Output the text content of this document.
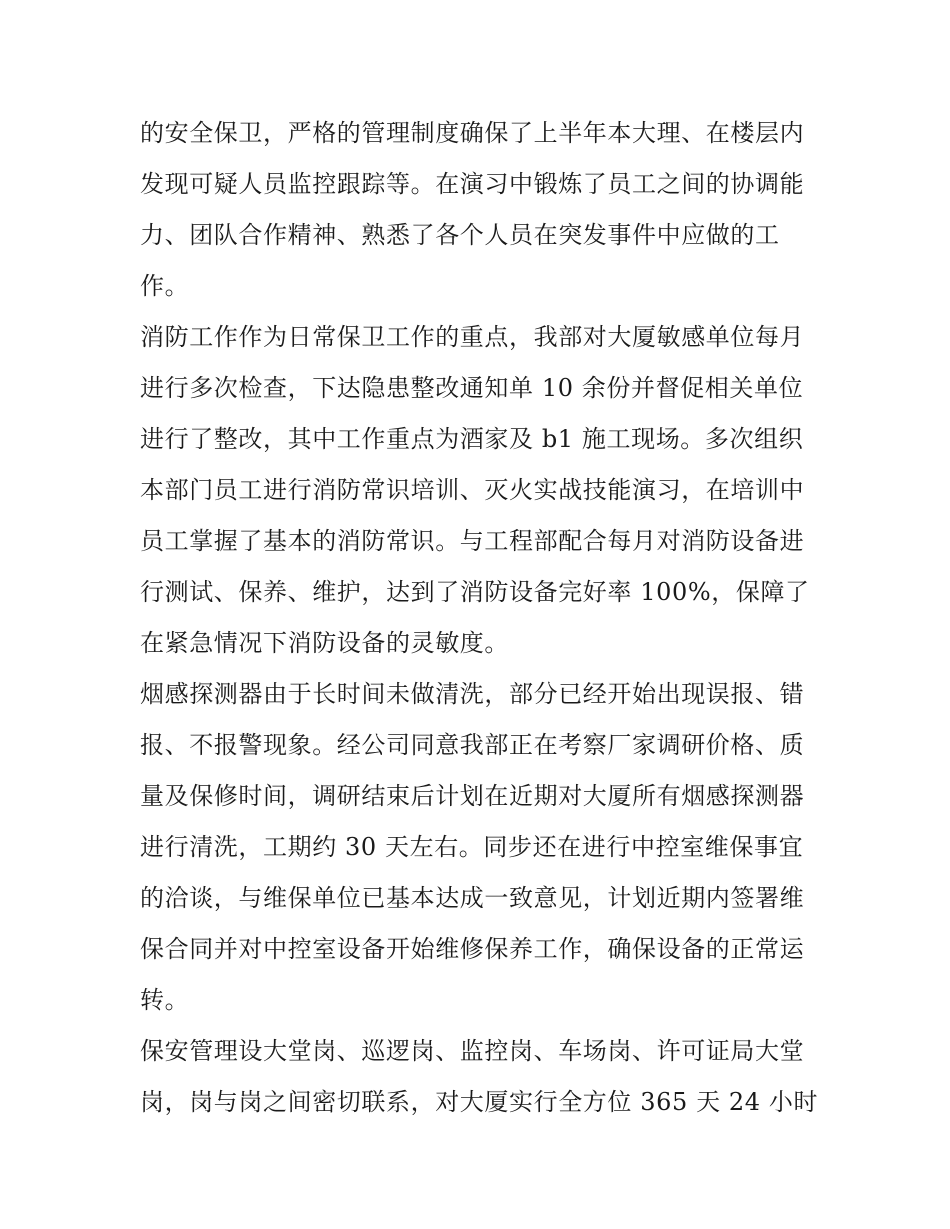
的安全保卫，严格的管理制度确保了上半年本大理、在楼层内
发现可疑人员监控跟踪等。在演习中锻炼了员工之间的协调能
力、团队合作精神、熟悉了各个人员在突发事件中应做的工
作。
消防工作作为日常保卫工作的重点，我部对大厦敏感单位每月
进行多次检查，下达隐患整改通知单 10 余份并督促相关单位
进行了整改，其中工作重点为酒家及 b1 施工现场。多次组织
本部门员工进行消防常识培训、灭火实战技能演习，在培训中
员工掌握了基本的消防常识。与工程部配合每月对消防设备进
行测试、保养、维护，达到了消防设备完好率 100%，保障了
在紧急情况下消防设备的灵敏度。
烟感探测器由于长时间未做清洗，部分已经开始出现误报、错
报、不报警现象。经公司同意我部正在考察厂家调研价格、质
量及保修时间，调研结束后计划在近期对大厦所有烟感探测器
进行清洗，工期约 30 天左右。同步还在进行中控室维保事宜
的洽谈，与维保单位已基本达成一致意见，计划近期内签署维
保合同并对中控室设备开始维修保养工作，确保设备的正常运
转。
保安管理设大堂岗、巡逻岗、监控岗、车场岗、许可证局大堂
岗，岗与岗之间密切联系，对大厦实行全方位 365 天 24 小时
